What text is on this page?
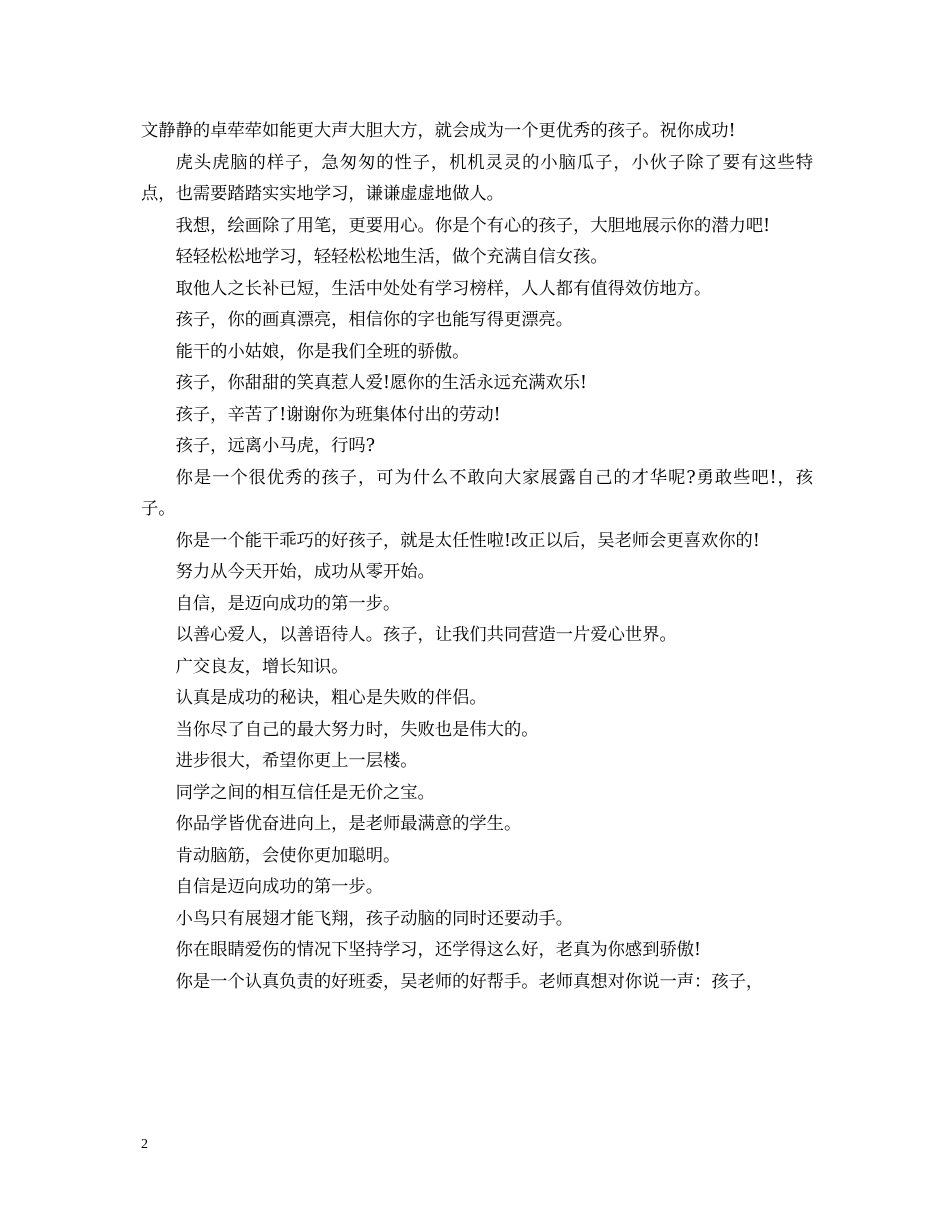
文静静的卓荦荦如能更大声大胆大方，就会成为一个更优秀的孩子。祝你成功!

虎头虎脑的样子，急匆匆的性子，机机灵灵的小脑瓜子，小伙子除了要有这些特点，也需要踏踏实实地学习，谦谦虚虚地做人。

我想，绘画除了用笔，更要用心。你是个有心的孩子，大胆地展示你的潜力吧!

轻轻松松地学习，轻轻松松地生活，做个充满自信女孩。

取他人之长补已短，生活中处处有学习榜样，人人都有值得效仿地方。

孩子，你的画真漂亮，相信你的字也能写得更漂亮。

能干的小姑娘，你是我们全班的骄傲。

孩子，你甜甜的笑真惹人爱!愿你的生活永远充满欢乐!

孩子，辛苦了!谢谢你为班集体付出的劳动!

孩子，远离小马虎，行吗?

你是一个很优秀的孩子，可为什么不敢向大家展露自己的才华呢?勇敢些吧!，孩子。

你是一个能干乖巧的好孩子，就是太任性啦!改正以后，吴老师会更喜欢你的!

努力从今天开始，成功从零开始。

自信，是迈向成功的第一步。

以善心爱人，以善语待人。孩子，让我们共同营造一片爱心世界。

广交良友，增长知识。

认真是成功的秘诀，粗心是失败的伴侣。

当你尽了自己的最大努力时，失败也是伟大的。

进步很大，希望你更上一层楼。

同学之间的相互信任是无价之宝。

你品学皆优奋进向上，是老师最满意的学生。

肯动脑筋，会使你更加聪明。

自信是迈向成功的第一步。

小鸟只有展翅才能飞翔，孩子动脑的同时还要动手。

你在眼睛爱伤的情况下坚持学习，还学得这么好，老真为你感到骄傲!

你是一个认真负责的好班委，吴老师的好帮手。老师真想对你说一声：孩子，

2
